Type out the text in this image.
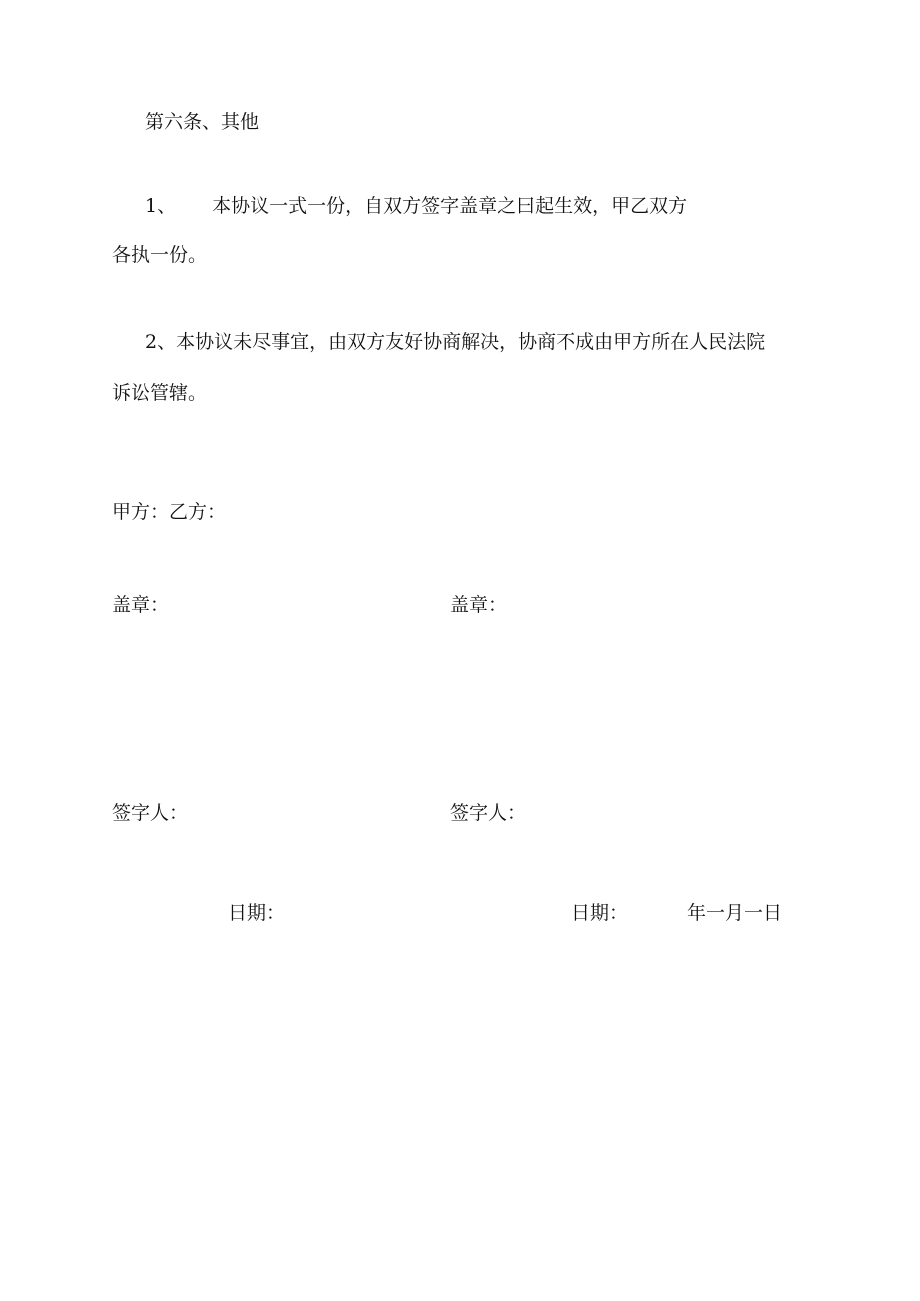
第六条、其他
1、 本协议一式一份，自双方签字盖章之曰起生效，甲乙双方

各执一份。

2、本协议未尽事宜，由双方友好协商解决，协商不成由甲方所在人民法院

诉讼管辖。

甲方：乙方：

盖章：	盖章：

签字人：	签字人：

日期：	日期：	年一月一日
